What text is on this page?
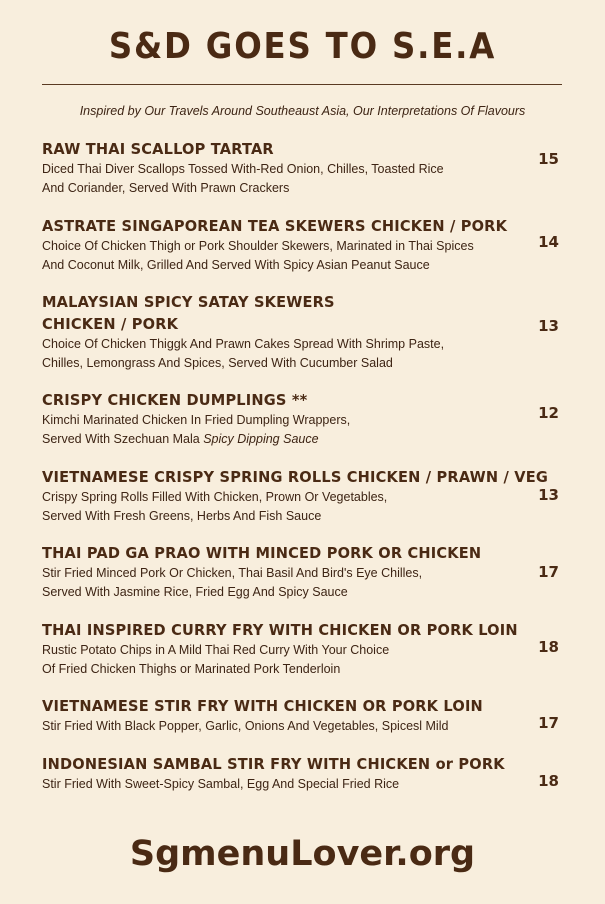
S&D GOES TO S.E.A
Inspired by Our Travels Around Southeaust Asia, Our Interpretations Of Flavours
RAW THAI SCALLOP TARTAR
Diced Thai Diver Scallops Tossed With-Red Onion, Chilles, Toasted Rice
And Coriander, Served With Prawn Crackers
15
ASTRATE SINGAPOREAN TEA SKEWERS CHICKEN / PORK
Choice Of Chicken Thigh or Pork Shoulder Skewers, Marinated in Thai Spices
And Coconut Milk, Grilled And Served With Spicy Asian Peanut Sauce
14
MALAYSIAN SPICY SATAY SKEWERS
CHICKEN / PORK
Choice Of Chicken Thiggk And Prawn Cakes Spread With Shrimp Paste,
Chilles, Lemongrass And Spices, Served With Cucumber Salad
13
CRISPY CHICKEN DUMPLINGS **
Kimchi Marinated Chicken In Fried Dumpling Wrappers,
Served With Szechuan Mala Spicy Dipping Sauce
12
VIETNAMESE CRISPY SPRING ROLLS CHICKEN / PRAWN / VEG
Crispy Spring Rolls Filled With Chicken, Prown Or Vegetables,
Served With Fresh Greens, Herbs And Fish Sauce
13
THAI PAD GA PRAO WITH MINCED PORK OR CHICKEN
Stir Fried Minced Pork Or Chicken, Thai Basil And Bird's Eye Chilles,
Served With Jasmine Rice, Fried Egg And Spicy Sauce
17
THAI INSPIRED CURRY FRY WITH CHICKEN OR PORK LOIN
Rustic Potato Chips in A Mild Thai Red Curry With Your Choice
Of Fried Chicken Thighs or Marinated Pork Tenderloin
18
VIETNAMESE STIR FRY WITH CHICKEN OR PORK LOIN
Stir Fried With Black Popper, Garlic, Onions And Vegetables, Spicesl Mild	17
INDONESIAN SAMBAL STIR FRY WITH CHICKEN or PORK
Stir Fried With Sweet-Spicy Sambal, Egg And Special Fried Rice	18
SgmenuLover.org
